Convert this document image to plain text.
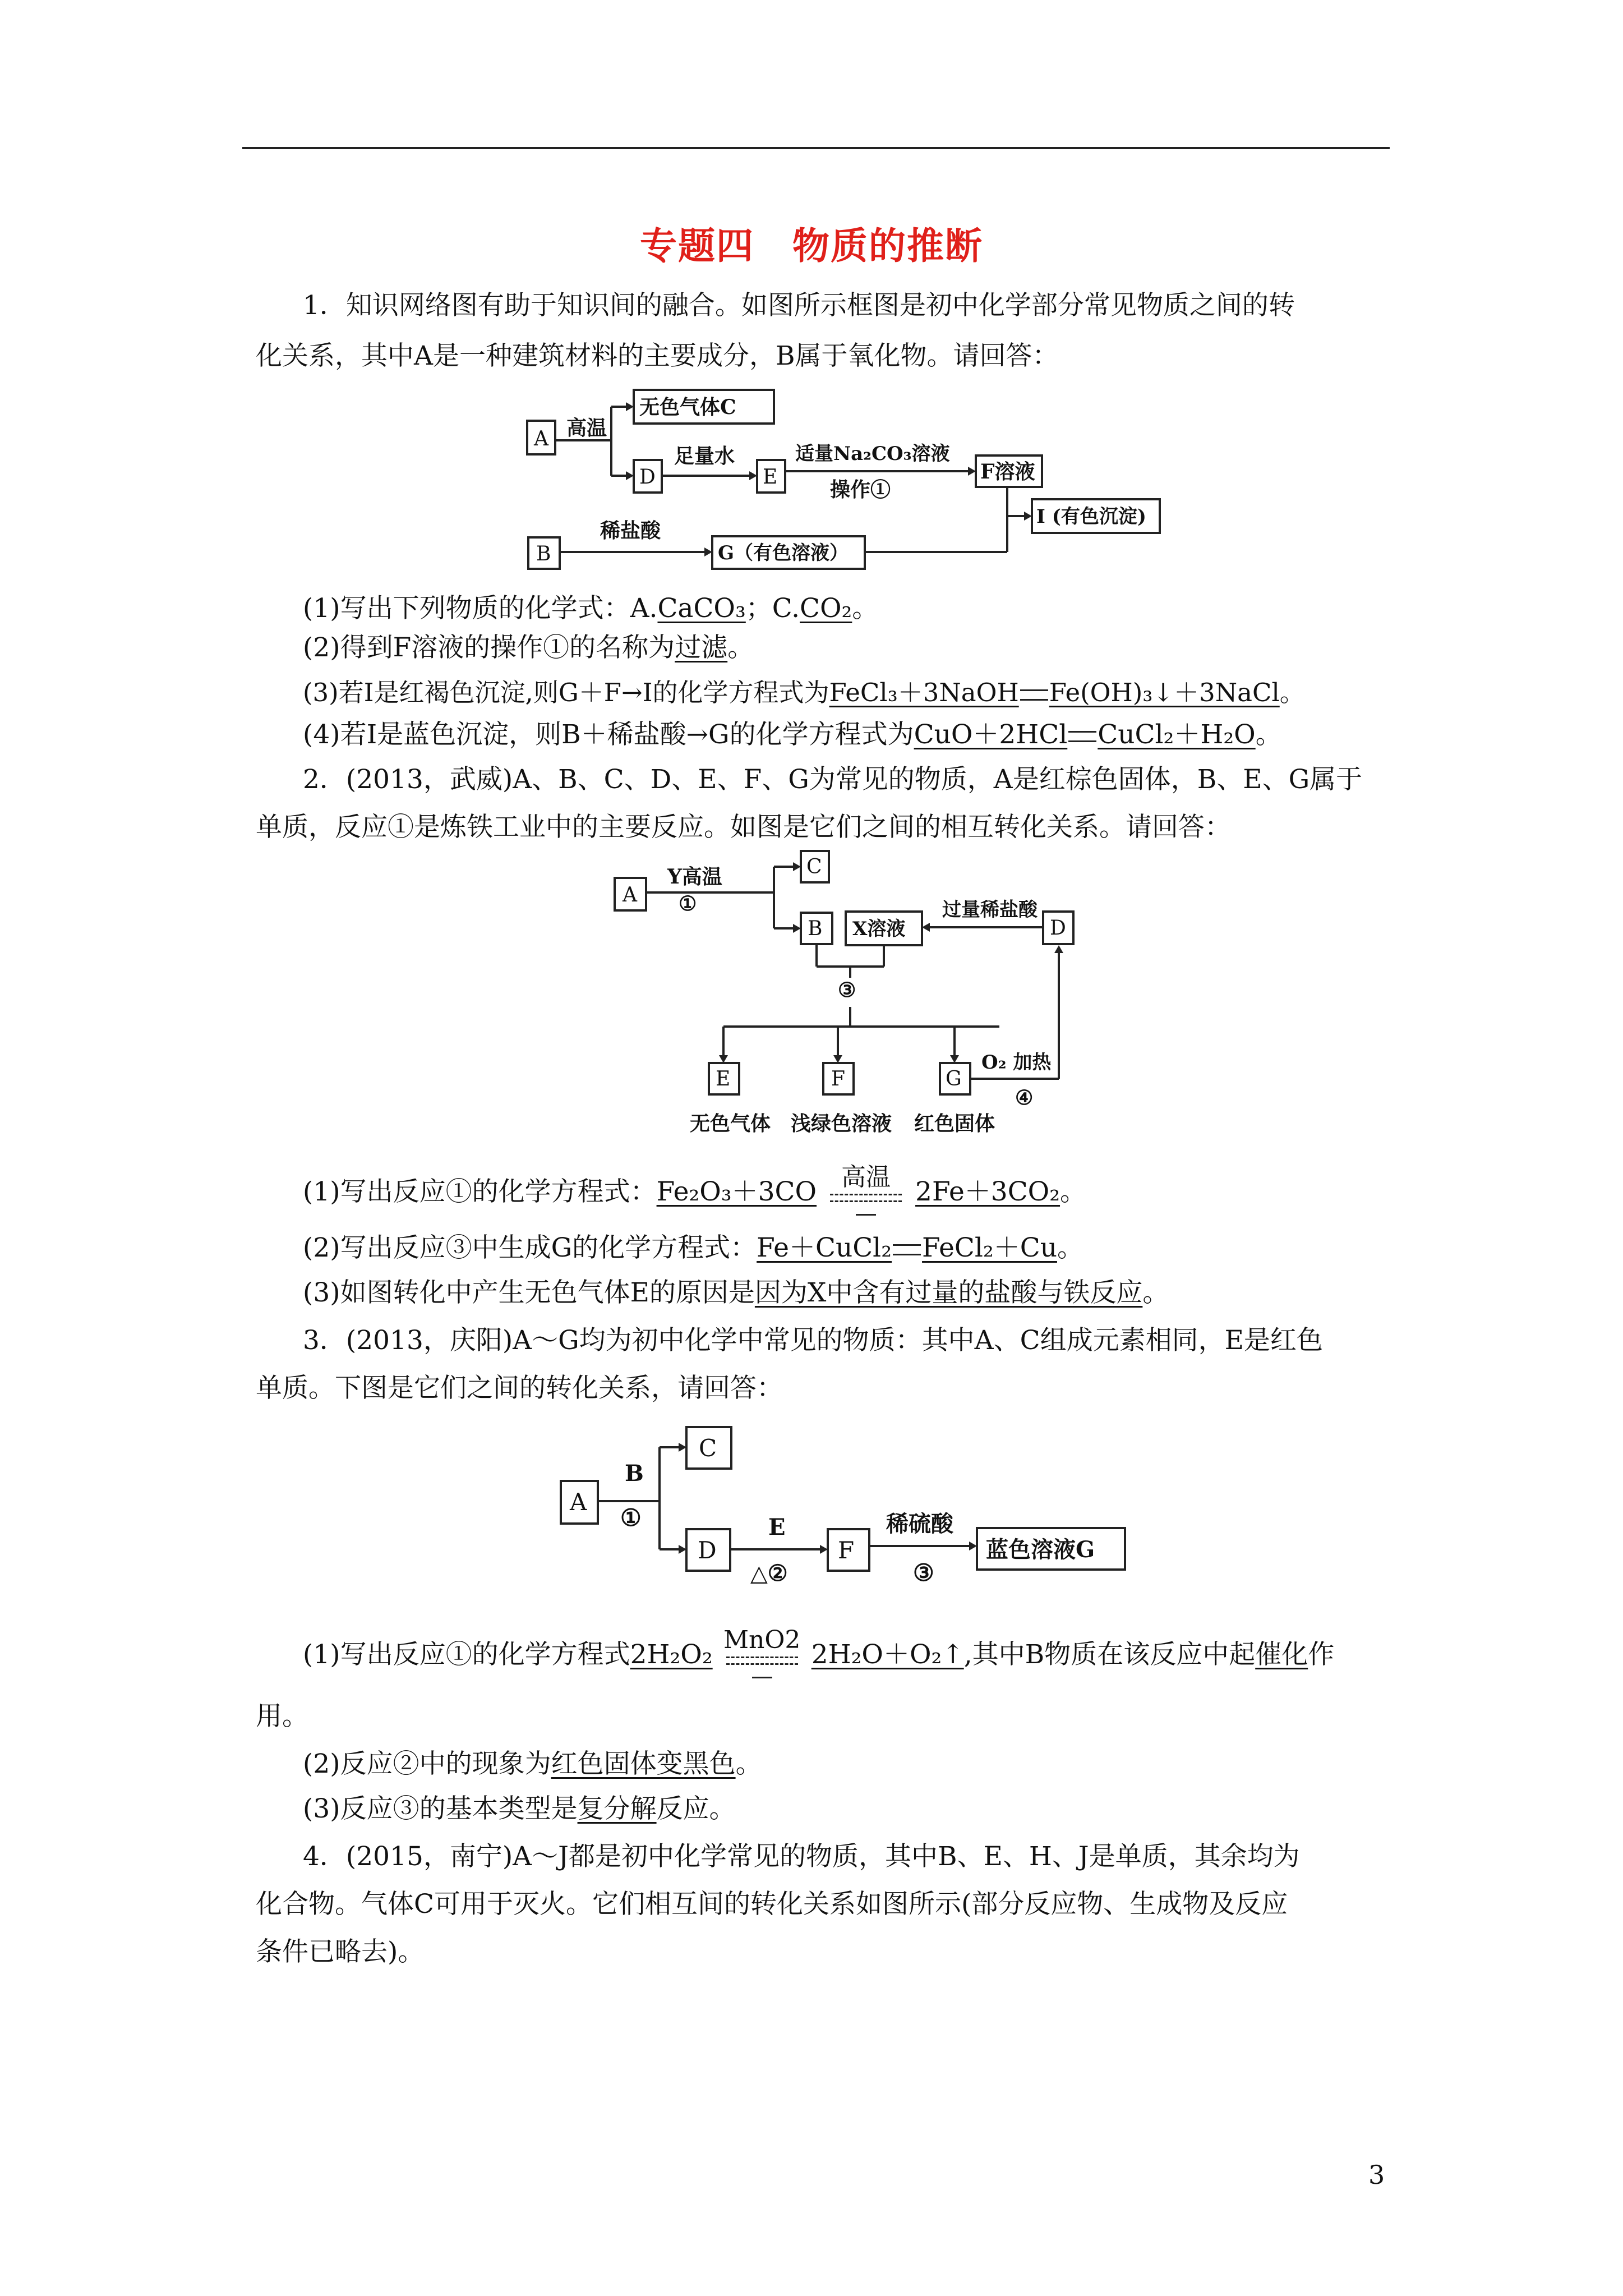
专题四　物质的推断
1．知识网络图有助于知识间的融合。如图所示框图是初中化学部分常见物质之间的转
化关系，其中A是一种建筑材料的主要成分，B属于氧化物。请回答：
A 高温
无色气体C
D
足量水
E
适量Na₂CO₃溶液
操作①
F溶液
B
稀盐酸
G（有色溶液）
I (有色沉淀)
(1)写出下列物质的化学式：A.CaCO₃；C.CO₂。
(2)得到F溶液的操作①的名称为过滤。
(3)若I是红褐色沉淀,则G＋F→I的化学方程式为FeCl₃＋3NaOH Fe(OH)₃↓＋3NaCl。
(4)若I是蓝色沉淀，则B＋稀盐酸→G的化学方程式为CuO＋2HCl CuCl₂＋H₂O。
2．(2013，武威)A、B、C、D、E、F、G为常见的物质，A是红棕色固体，B、E、G属于
单质，反应①是炼铁工业中的主要反应。如图是它们之间的相互转化关系。请回答：
A
Y高温
①
C
B X溶液
过量稀盐酸
D
③
E	F	G
O₂ 加热
④
无色气体 浅绿色溶液 红色固体
(1)写出反应①的化学方程式：Fe₂O₃＋3CO	高温 2Fe＋3CO₂。
(2)写出反应③中生成G的化学方程式：Fe＋CuCl₂ FeCl₂＋Cu。
(3)如图转化中产生无色气体E的原因是因为X中含有过量的盐酸与铁反应。
3．(2013，庆阳)A～G均为初中化学中常见的物质：其中A、C组成元素相同，E是红色
单质。下图是它们之间的转化关系，请回答：
A
B
①
C
D
E
△②
F
稀硫酸
③
蓝色溶液G
(1)写出反应①的化学方程式2H₂O₂ MnO2 2H₂O＋O₂↑,其中B物质在该反应中起催化作
用。
(2)反应②中的现象为红色固体变黑色。
(3)反应③的基本类型是复分解反应。
4．(2015，南宁)A～J都是初中化学常见的物质，其中B、E、H、J是单质，其余均为
化合物。气体C可用于灭火。它们相互间的转化关系如图所示(部分反应物、生成物及反应
条件已略去)。
3
